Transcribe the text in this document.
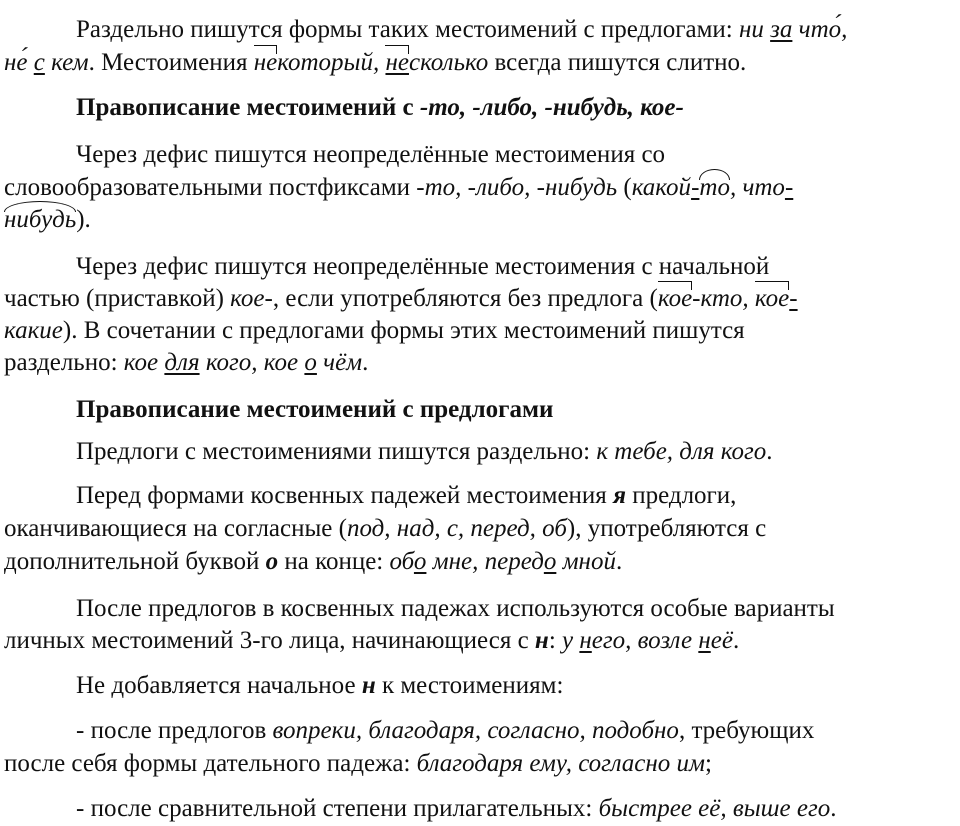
Раздельно пишутся формы таких местоимений с предлогами: ни за что́,
не́ с кем. Местоимения некоторый, несколько всегда пишутся слитно.
Правописание местоимений с -то, -либо, -нибудь, кое-
Через дефис пишутся неопределённые местоимения со
словообразовательными постфиксами -то, -либо, -нибудь (какой-то, что-
нибудь).
Через дефис пишутся неопределённые местоимения с начальной
частью (приставкой) кое-, если употребляются без предлога (кое-кто, кое-
какие). В сочетании с предлогами формы этих местоимений пишутся
раздельно: кое для кого, кое о чём.
Правописание местоимений с предлогами
Предлоги с местоимениями пишутся раздельно: к тебе, для кого.
Перед формами косвенных падежей местоимения я предлоги,
оканчивающиеся на согласные (под, над, с, перед, об), употребляются с
дополнительной буквой о на конце: обо мне, передо мной.
После предлогов в косвенных падежах используются особые варианты
личных местоимений 3-го лица, начинающиеся с н: у него, возле неё.
Не добавляется начальное н к местоимениям:
- после предлогов вопреки, благодаря, согласно, подобно, требующих
после себя формы дательного падежа: благодаря ему, согласно им;
- после сравнительной степени прилагательных: быстрее её, выше его.
